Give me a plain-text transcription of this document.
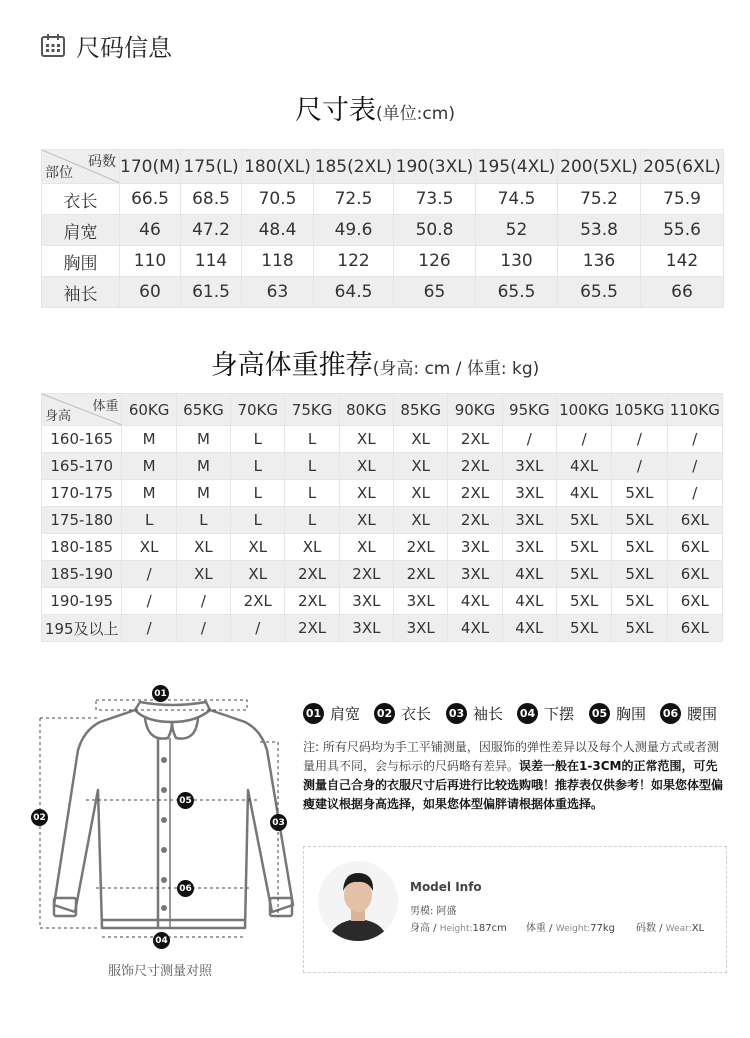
尺码信息
尺寸表(单位:cm)
码数
部位	170(M)	175(L)	180(XL)	185(2XL)	190(3XL)	195(4XL)	200(5XL)	205(6XL)
衣长	66.5	68.5	70.5	72.5	73.5	74.5	75.2	75.9
肩宽	46	47.2	48.4	49.6	50.8	52	53.8	55.6
胸围	110	114	118	122	126	130	136	142
袖长	60	61.5	63	64.5	65	65.5	65.5	66
身高体重推荐(身高: cm / 体重: kg)
体重
身高	60KG	65KG	70KG	75KG	80KG	85KG	90KG	95KG	100KG	105KG	110KG
160-165	M	M	L	L	XL	XL	2XL	/	/	/	/
165-170	M	M	L	L	XL	XL	2XL	3XL	4XL	/	/
170-175	M	M	L	L	XL	XL	2XL	3XL	4XL	5XL	/
175-180	L	L	L	L	XL	XL	2XL	3XL	5XL	5XL	6XL
180-185	XL	XL	XL	XL	XL	2XL	3XL	3XL	5XL	5XL	6XL
185-190	/	XL	XL	2XL	2XL	2XL	3XL	4XL	5XL	5XL	6XL
190-195	/	/	2XL	2XL	3XL	3XL	4XL	4XL	5XL	5XL	6XL
195及以上	/	/	/	2XL	3XL	3XL	4XL	4XL	5XL	5XL	6XL
01
02	03
04
05
06
服饰尺寸测量对照
01 肩宽 02 衣长 03 袖长 04 下摆 05 胸围 06 腰围
注: 所有尺码均为手工平铺测量，因服饰的弹性差异以及每个人测量方式或者测量用具不同，会与标示的尺码略有差异。误差一般在1-3CM的正常范围，可先测量自己合身的衣服尺寸后再进行比较选购哦！推荐表仅供参考！如果您体型偏瘦建议根据身高选择，如果您体型偏胖请根据体重选择。
Model Info
男模: 阿盛
身高 / Height:187cm 体重 / Weight:77kg 码数 / Wear:XL
